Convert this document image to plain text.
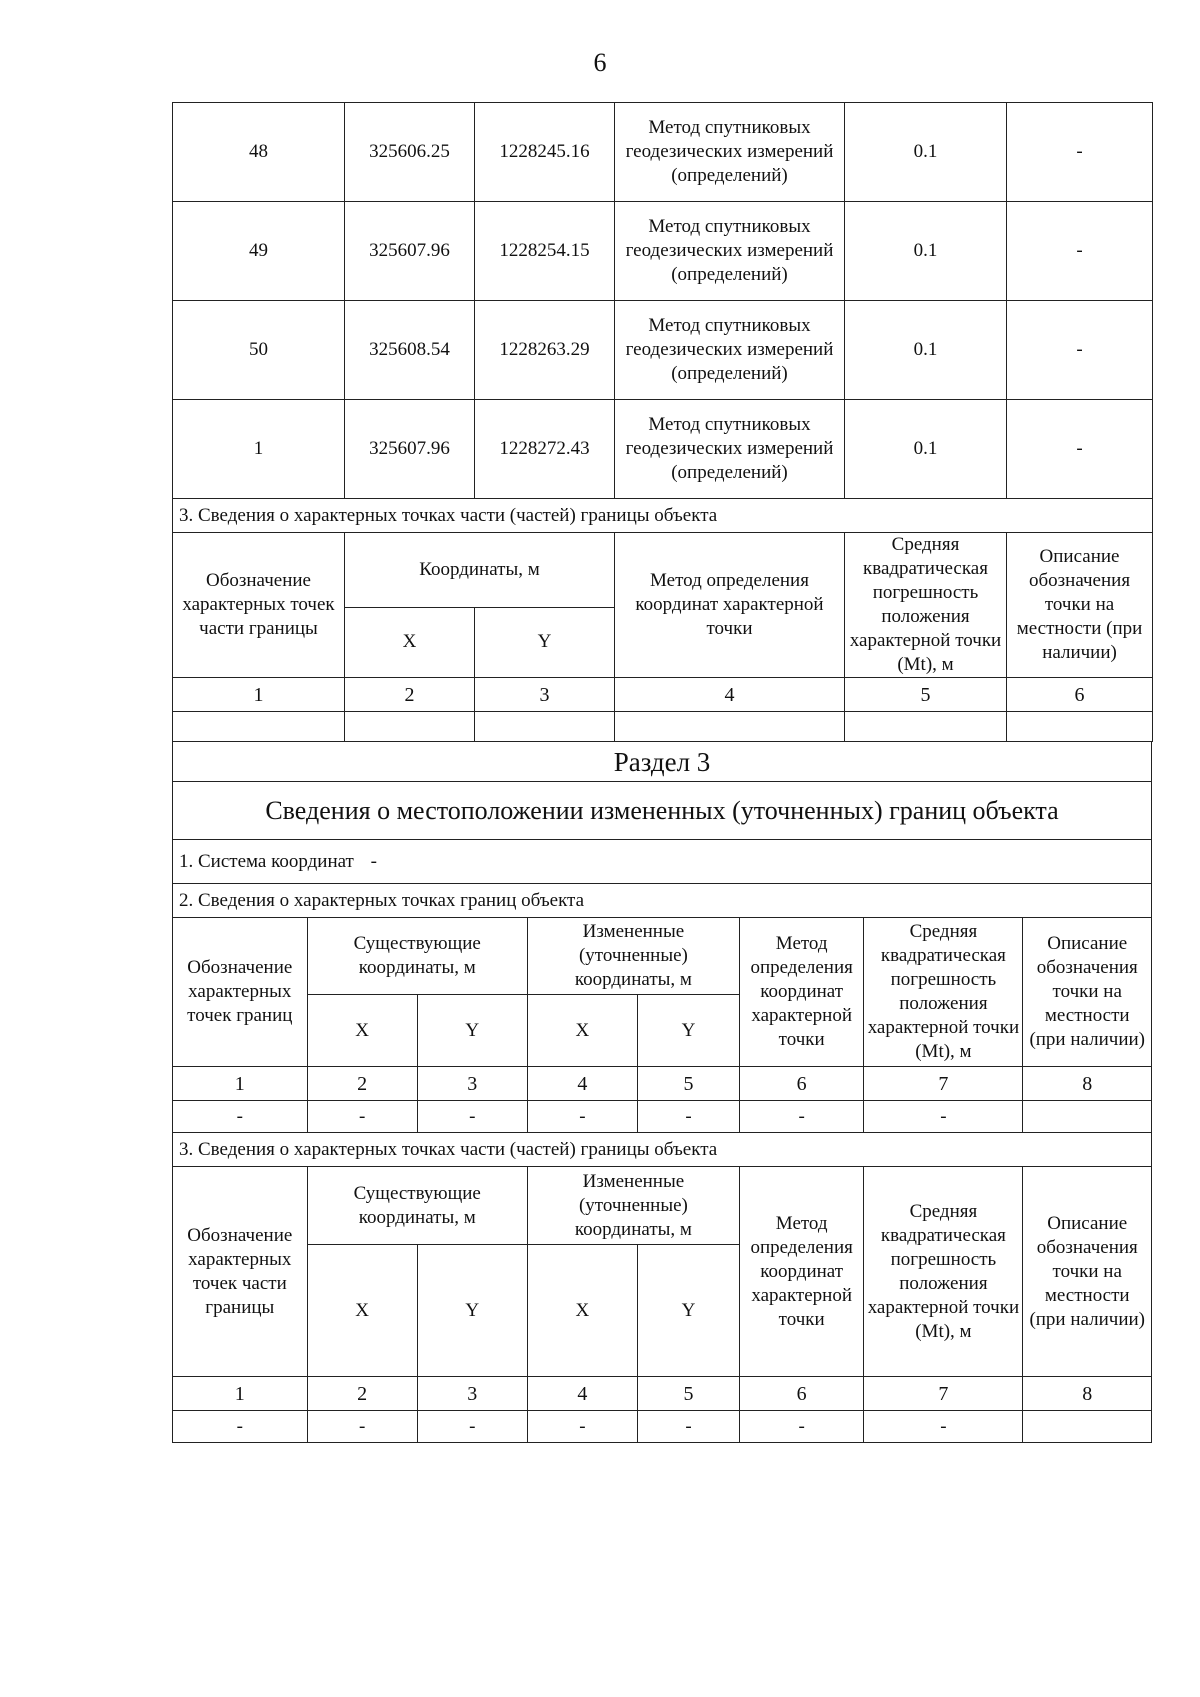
6
48	325606.25	1228245.16	Метод спутниковых геодезических измерений (определений)	0.1	-
49	325607.96	1228254.15	Метод спутниковых геодезических измерений (определений)	0.1	-
50	325608.54	1228263.29	Метод спутниковых геодезических измерений (определений)	0.1	-
1	325607.96	1228272.43	Метод спутниковых геодезических измерений (определений)	0.1	-
3. Сведения о характерных точках части (частей) границы объекта					
Обозначение характерных точек части границы	Координаты, м		Метод определения координат характерной точки	Средняя квадратическая погрешность положения характерной точки (Mt), м	Описание обозначения точки на местности (при наличии)
	X	Y			
1	2	3	4	5	6

Раздел 3
Сведения о местоположении измененных (уточненных) границ объекта
1. Система координат -
2. Сведения о характерных точках границ объекта
Обозначение характерных точек границ	Существующие координаты, м		Измененные (уточненные) координаты, м		Метод определения координат характерной точки	Средняя квадратическая погрешность положения характерной точки (Mt), м	Описание обозначения точки на местности (при наличии)
	X	Y	X	Y			
1	2	3	4	5	6	7	8
-	-	-	-	-	-	-	
3. Сведения о характерных точках части (частей) границы объекта							
Обозначение характерных точек части границы	Существующие координаты, м		Измененные (уточненные) координаты, м		Метод определения координат характерной точки	Средняя квадратическая погрешность положения характерной точки (Mt), м	Описание обозначения точки на местности (при наличии)
	X	Y	X	Y			
1	2	3	4	5	6	7	8
-	-	-	-	-	-	-	
